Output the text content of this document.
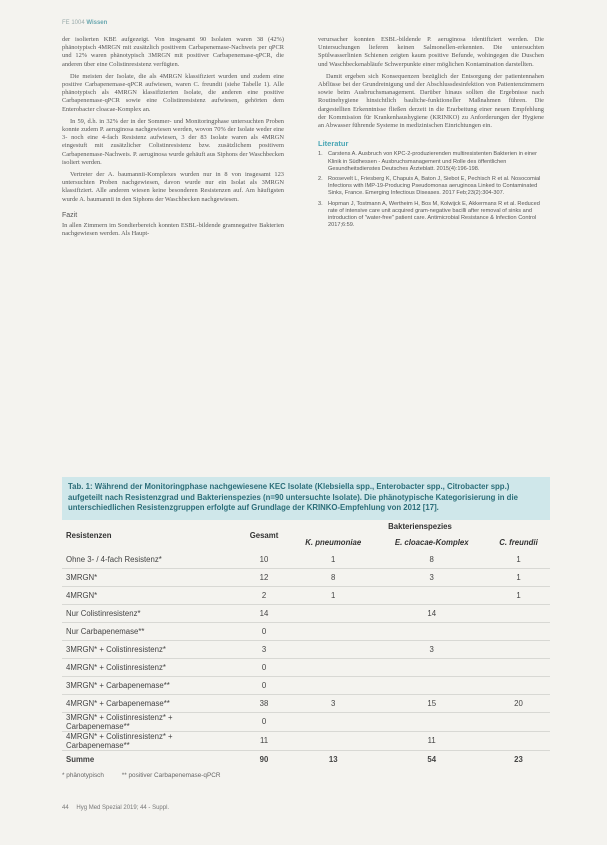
FE 1004 Wissen

der isolierten KBE aufgezeigt. Von insgesamt 90 Isolaten waren 38 (42%) phänotypisch 4MRGN mit zusätzlich positivem Carbapenemase-Nachweis per qPCR und 12% waren phänotypisch 3MRGN mit positiver Carbapenemase-qPCR, die anderen über eine Colistinresistenz verfügten.

Die meisten der Isolate, die als 4MRGN klassifiziert wurden und zudem eine positive Carbapenemase-qPCR aufwiesen, waren C. freundii (siehe Tabelle 1). Alle phänotypisch als 4MRGN klassifizierten Isolate, die anderen eine positive Carbapenemase-qPCR sowie eine Colistinresistenz aufwiesen, gehörten dem Enterobacter cloacae-Komplex an.

In 59, d.h. in 32% der in der Sommer- und Monitoringphase untersuchten Proben konnte zudem P. aeruginosa nachgewiesen werden, wovon 70% der Isolate weder eine 3- noch eine 4-fach Resistenz aufwiesen, 3 der 83 Isolate waren als 4MRGN eingestuft mit zusätzlicher Colistinresistenz bzw. zusätzlichem positivem Carbapenemase-Nachweis. P. aeruginosa wurde gehäuft aus Siphons der Waschbecken isoliert werden.

Vertreter der A. baumannii-Komplexes wurden nur in 8 von insgesamt 123 untersuchten Proben nachgewiesen, davon wurde nur ein Isolat als 3MRGN klassifiziert. Alle anderen wiesen keine besonderen Resistenzen auf. Am häufigsten wurde A. baumannii in den Siphons der Waschbecken nachgewiesen.

Fazit

In allen Zimmern im Sondierbereich konnten ESBL-bildende gramnegative Bakterien nachgewiesen werden. Als Haupt-

verursacher konnten ESBL-bildende P. aeruginosa identifiziert werden. Die Untersuchungen lieferen keinen Salmonellen-erkennten. Die untersuchten Spülwasserlinien Schienen zeigten kaum positive Befunde, wohingegen die Duschen und Waschbeckenabläufe Schwerpunkte einer möglichen Kontamination darstellten.

Damit ergeben sich Konsequenzen bezüglich der Entsorgung der patientennahen Abflüsse bei der Grundreinigung und der Abschlussdesinfektion von Patientenzimmern sowie beim Ausbruchsmanagement. Darüber hinaus sollten die Ergebnisse nach Routinehygiene hinsichtlich bauliche-funktioneller Maßnahmen führen. Die dargestellten Erkenntnisse fließen derzeit in die Erarbeitung einer neuen Empfehlung der Kommission für Krankenhaushygiene (KRINKO) zu Anforderungen der Hygiene an Abwasser führende Systeme in medizinischen Einrichtungen ein.

Literatur
1. Carstens A. Ausbruch von KPC-2-produzierenden multiresistenten Bakterien in einer Klinik in Südhessen - Ausbruchsmanagement und Rolle des öffentlichen Gesundheitsdienstes Deutsches Ärzteblatt. 2015(4):196-198.
2. Roosevelt L, Friesberg K, Chapuis A, Baton J, Siebot E, Pechisch R et al. Nosocomial Infections with IMP-19-Producing Pseudomonas aeruginosa Linked to Contaminated Sinks, France. Emerging Infectious Diseases. 2017 Feb;23(2):304-307.
3. Hopman J, Tostmann A, Wertheim H, Bos M, Kolwijck E, Akkermans R et al. Reduced rate of intensive care unit acquired gram-negative bacilli after removal of sinks and introduction of "water-free" patient care. Antimicrobial Resistance & Infection Control 2017;6:59.
Tab. 1: Während der Monitoringphase nachgewiesene KEC Isolate (Klebsiella spp., Enterobacter spp., Citrobacter spp.) aufgeteilt nach Resistenzgrad und Bakterienspezies (n=90 untersuchte Isolate). Die phänotypische Kategorisierung in die unterschiedlichen Resistenzgruppen erfolgte auf Grundlage der KRINKO-Empfehlung von 2012 [17].
Resistenzen	Gesamt	Bakterienspezies		
		K. pneumoniae	E. cloacae-Komplex	C. freundii
Ohne 3- / 4-fach Resistenz*	10	1	8	1
3MRGN*	12	8	3	1
4MRGN*	2	1		1
Nur Colistinresistenz*	14		14	
Nur Carbapenemase**	0			
3MRGN* + Colistinresistenz*	3		3	
4MRGN* + Colistinresistenz*	0			
3MRGN* + Carbapenemase**	0			
4MRGN* + Carbapenemase**	38	3	15	20
3MRGN* + Colistinresistenz* + Carbapenemase**	0			
4MRGN* + Colistinresistenz* + Carbapenemase**	11		11	
Summe	90	13	54	23
* phänotypisch	** positiver Carbapenemase-qPCR
44 Hyg Med Spezial 2019; 44 - Suppl.
